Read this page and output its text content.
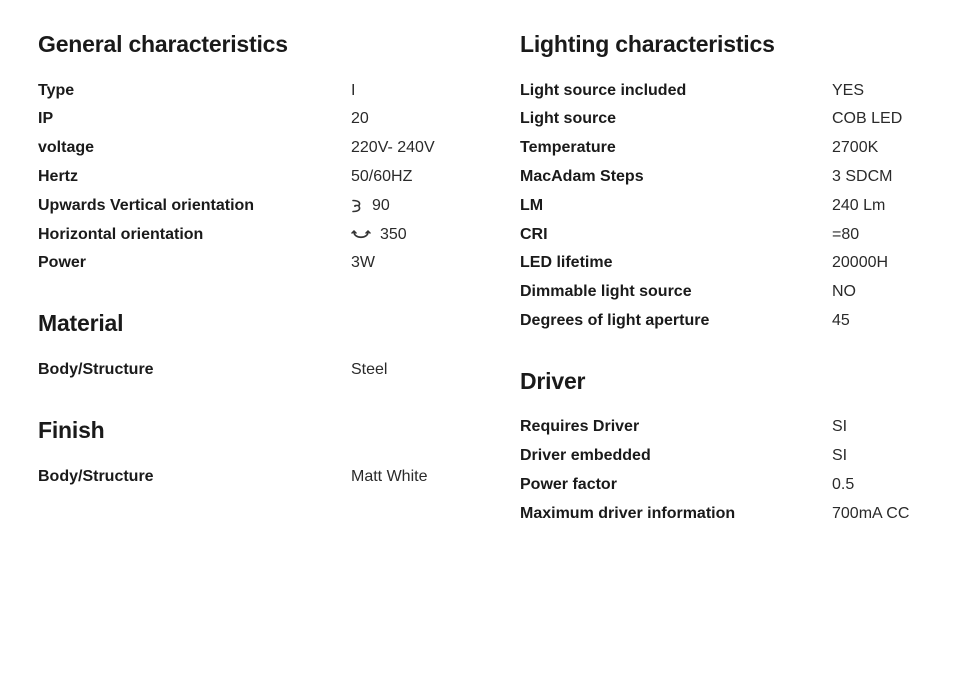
General characteristics
Type	I
IP	20
voltage	220V- 240V
Hertz	50/60HZ
Upwards Vertical orientation	90
Horizontal orientation	350
Power	3W
Material
Body/Structure	Steel
Finish
Body/Structure	Matt White
Lighting characteristics
Light source included	YES
Light source	COB LED
Temperature	2700K
MacAdam Steps	3 SDCM
LM	240 Lm
CRI	=80
LED lifetime	20000H
Dimmable light source	NO
Degrees of light aperture	45
Driver
Requires Driver	SI
Driver embedded	SI
Power factor	0.5
Maximum driver information	700mA CC
